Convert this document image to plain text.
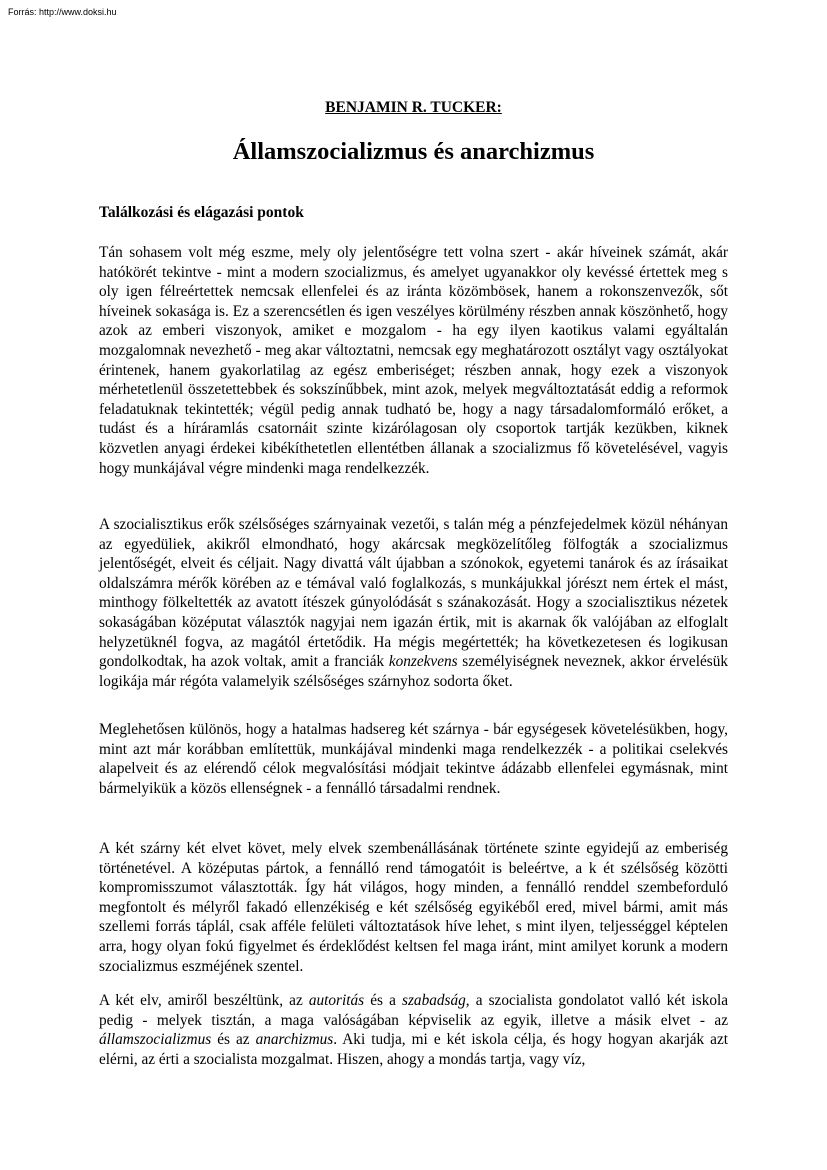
Forrás: http://www.doksi.hu
BENJAMIN R. TUCKER:
Államszocializmus és anarchizmus
Találkozási és elágazási pontok

Tán sohasem volt még eszme, mely oly jelentőségre tett volna szert - akár híveinek számát, akár hatókörét tekintve - mint a modern szocializmus, és amelyet ugyanakkor oly kevéssé értettek meg s oly igen félreértettek nemcsak ellenfelei és az iránta közömbösek, hanem a rokonszenvezők, sőt híveinek sokasága is. Ez a szerencsétlen és igen veszélyes körülmény részben annak köszönhető, hogy azok az emberi viszonyok, amiket e mozgalom - ha egy ilyen kaotikus valami egyáltalán mozgalomnak nevezhető - meg akar változtatni, nemcsak egy meghatározott osztályt vagy osztályokat érintenek, hanem gyakorlatilag az egész emberiséget; részben annak, hogy ezek a viszonyok mérhetetlenül összetettebbek és sokszínűbbek, mint azok, melyek megváltoztatását eddig a reformok feladatuknak tekintették; végül pedig annak tudható be, hogy a nagy társadalomformáló erőket, a tudást és a híráramlás csatornáit szinte kizárólagosan oly csoportok tartják kezükben, kiknek közvetlen anyagi érdekei kibékíthetetlen ellentétben állanak a szocializmus fő követelésével, vagyis hogy munkájával végre mindenki maga rendelkezzék.

A szocialisztikus erők szélsőséges szárnyainak vezetői, s talán még a pénzfejedelmek közül néhányan az egyedüliek, akikről elmondható, hogy akárcsak megközelítőleg fölfogták a szocializmus jelentőségét, elveit és céljait. Nagy divattá vált újabban a szónokok, egyetemi tanárok és az írásaikat oldalszámra mérők körében az e témával való foglalkozás, s munkájukkal jórészt nem értek el mást, minthogy fölkeltették az avatott ítészek gúnyolódását s szánakozását. Hogy a szocialisztikus nézetek sokaságában középutat választók nagyjai nem igazán értik, mit is akarnak ők valójában az elfoglalt helyzetüknél fogva, az magától értetődik. Ha mégis megértették; ha következetesen és logikusan gondolkodtak, ha azok voltak, amit a franciák konzekvens személyiségnek neveznek, akkor érvelésük logikája már régóta valamelyik szélsőséges szárnyhoz sodorta őket.

Meglehetősen különös, hogy a hatalmas hadsereg két szárnya - bár egységesek követelésükben, hogy, mint azt már korábban említettük, munkájával mindenki maga rendelkezzék - a politikai cselekvés alapelveit és az elérendő célok megvalósítási módjait tekintve ádázabb ellenfelei egymásnak, mint bármelyikük a közös ellenségnek - a fennálló társadalmi rendnek.

A két szárny két elvet követ, mely elvek szembenállásának története szinte egyidejű az emberiség történetével. A középutas pártok, a fennálló rend támogatóit is beleértve, a k ét szélsőség közötti kompromisszumot választották. Így hát világos, hogy minden, a fennálló renddel szembeforduló megfontolt és mélyről fakadó ellenzékiség e két szélsőség egyikéből ered, mivel bármi, amit más szellemi forrás táplál, csak afféle felületi változtatások híve lehet, s mint ilyen, teljességgel képtelen arra, hogy olyan fokú figyelmet és érdeklődést keltsen fel maga iránt, mint amilyet korunk a modern szocializmus eszméjének szentel.

A két elv, amiről beszéltünk, az autoritás és a szabadság, a szocialista gondolatot valló két iskola pedig - melyek tisztán, a maga valóságában képviselik az egyik, illetve a másik elvet - az államszocializmus és az anarchizmus. Aki tudja, mi e két iskola célja, és hogy hogyan akarják azt elérni, az érti a szocialista mozgalmat. Hiszen, ahogy a mondás tartja, vagy víz,
